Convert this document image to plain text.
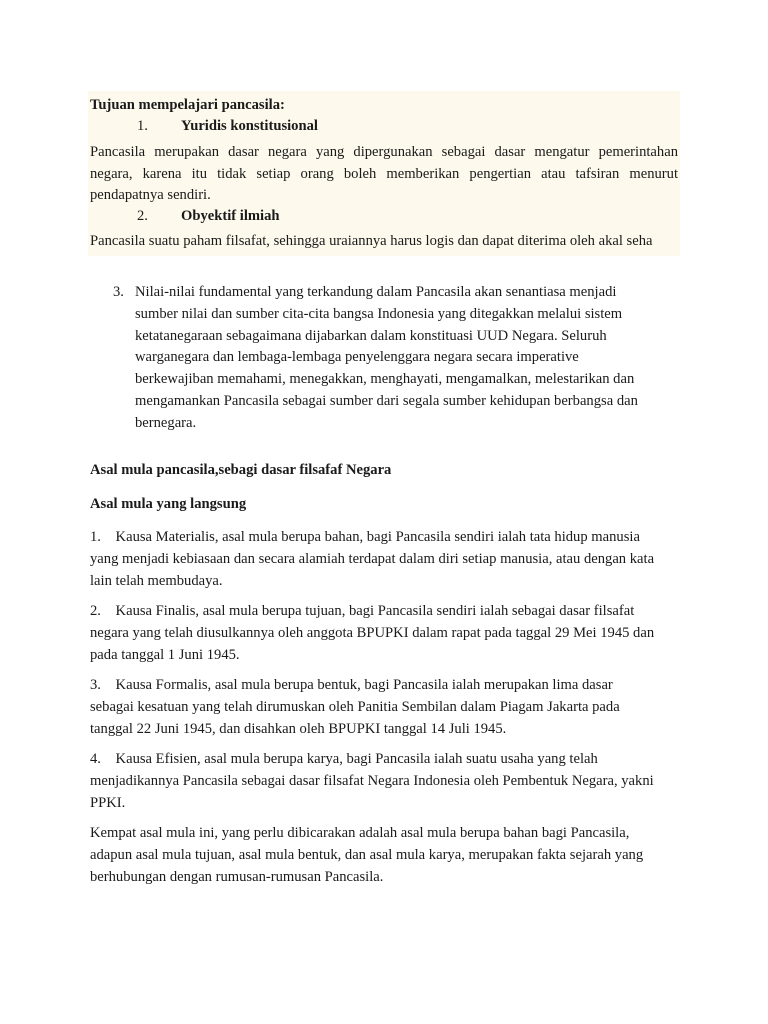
Tujuan mempelajari pancasila:
1. Yuridis konstitusional
Pancasila merupakan dasar negara yang dipergunakan sebagai dasar mengatur pemerintahan
negara, karena itu tidak setiap orang boleh memberikan pengertian atau tafsiran menurut
pendapatnya sendiri.
2. Obyektif ilmiah
Pancasila suatu paham filsafat, sehingga uraiannya harus logis dan dapat diterima oleh akal seha
3. Nilai-nilai fundamental yang terkandung dalam Pancasila akan senantiasa menjadi
sumber nilai dan sumber cita-cita bangsa Indonesia yang ditegakkan melalui sistem
ketatanegaraan sebagaimana dijabarkan dalam konstituasi UUD Negara. Seluruh
warganegara dan lembaga-lembaga penyelenggara negara secara imperative
berkewajiban memahami, menegakkan, menghayati, mengamalkan, melestarikan dan
mengamankan Pancasila sebagai sumber dari segala sumber kehidupan berbangsa dan
bernegara.
Asal mula pancasila,sebagi dasar filsafaf Negara
Asal mula yang langsung
1. Kausa Materialis, asal mula berupa bahan, bagi Pancasila sendiri ialah tata hidup manusia
yang menjadi kebiasaan dan secara alamiah terdapat dalam diri setiap manusia, atau dengan kata
lain telah membudaya.
2. Kausa Finalis, asal mula berupa tujuan, bagi Pancasila sendiri ialah sebagai dasar filsafat
negara yang telah diusulkannya oleh anggota BPUPKI dalam rapat pada taggal 29 Mei 1945 dan
pada tanggal 1 Juni 1945.
3. Kausa Formalis, asal mula berupa bentuk, bagi Pancasila ialah merupakan lima dasar
sebagai kesatuan yang telah dirumuskan oleh Panitia Sembilan dalam Piagam Jakarta pada
tanggal 22 Juni 1945, dan disahkan oleh BPUPKI tanggal 14 Juli 1945.
4. Kausa Efisien, asal mula berupa karya, bagi Pancasila ialah suatu usaha yang telah
menjadikannya Pancasila sebagai dasar filsafat Negara Indonesia oleh Pembentuk Negara, yakni
PPKI.
Kempat asal mula ini, yang perlu dibicarakan adalah asal mula berupa bahan bagi Pancasila,
adapun asal mula tujuan, asal mula bentuk, dan asal mula karya, merupakan fakta sejarah yang
berhubungan dengan rumusan-rumusan Pancasila.
